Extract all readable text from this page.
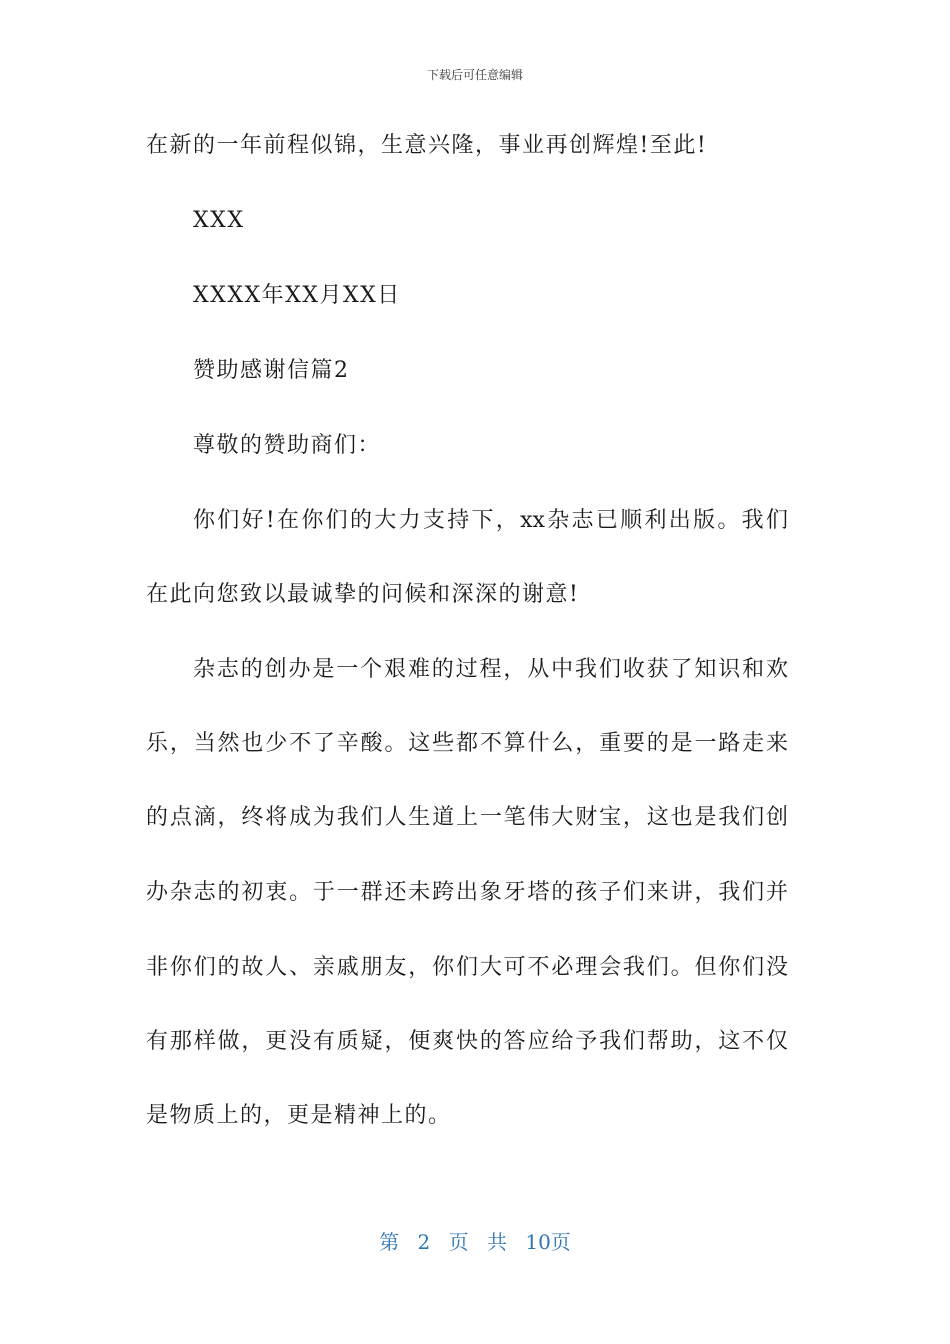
下载后可任意编辑
在新的一年前程似锦，生意兴隆，事业再创辉煌!至此!
XXX
XXXX年XX月XX日
赞助感谢信篇2
尊敬的赞助商们：
你们好!在你们的大力支持下，xx杂志已顺利出版。我们
在此向您致以最诚挚的问候和深深的谢意!
杂志的创办是一个艰难的过程，从中我们收获了知识和欢
乐，当然也少不了辛酸。这些都不算什么，重要的是一路走来
的点滴，终将成为我们人生道上一笔伟大财宝，这也是我们创
办杂志的初衷。于一群还未跨出象牙塔的孩子们来讲，我们并
非你们的故人、亲戚朋友，你们大可不必理会我们。但你们没
有那样做，更没有质疑，便爽快的答应给予我们帮助，这不仅
是物质上的，更是精神上的。
第 2 页 共 10页
